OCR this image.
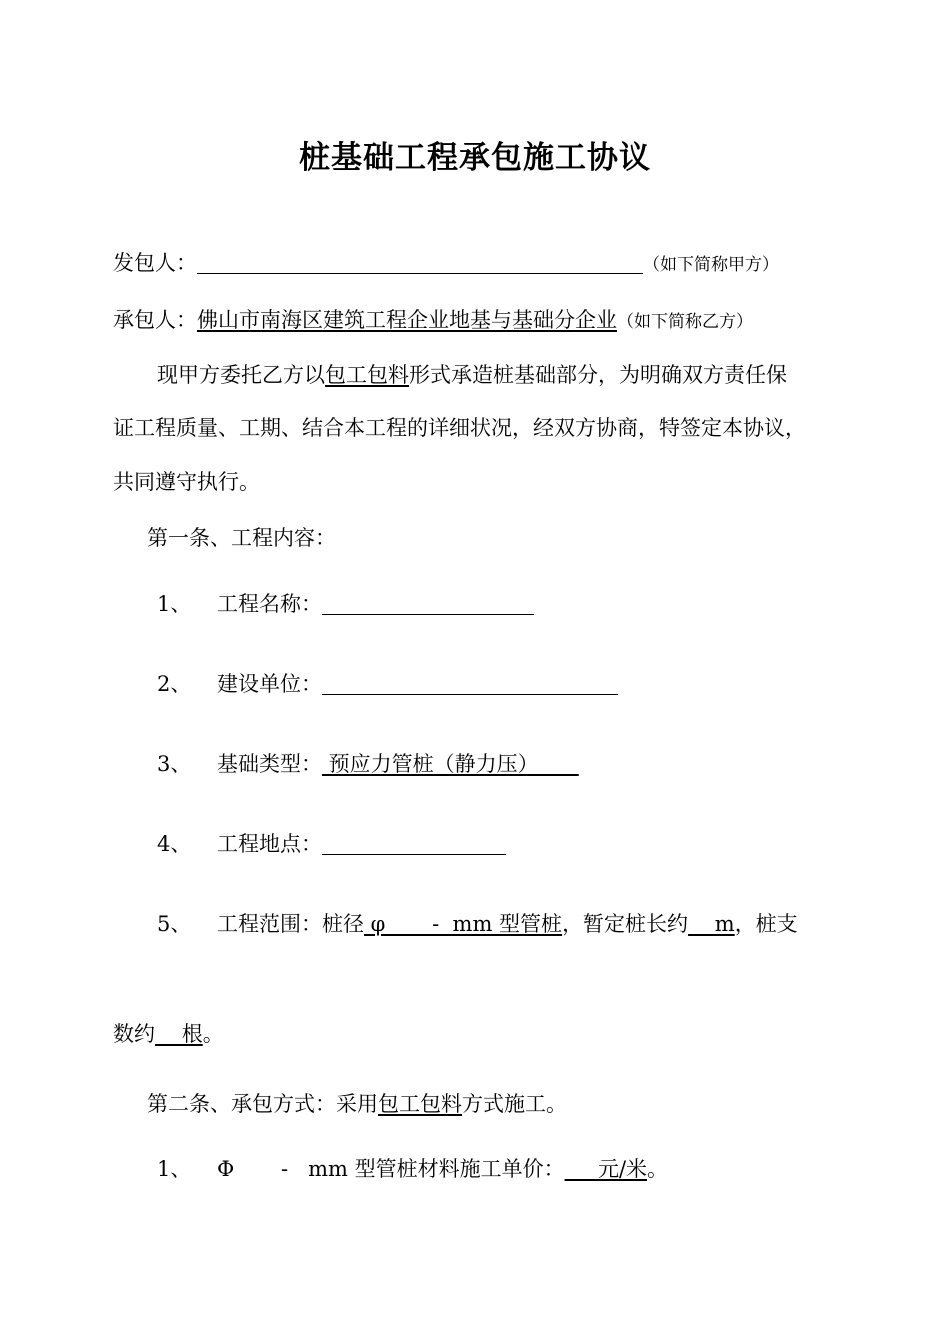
桩基础工程承包施工协议
发包人：	（如下简称甲方）
承包人：佛山市南海区建筑工程企业地基与基础分企业（如下简称乙方）
现甲方委托乙方以包工包料形式承造桩基础部分，为明确双方责任保
证工程质量、工期、结合本工程的详细状况，经双方协商，特签定本协议，
共同遵守执行。
第一条、工程内容：
1、 工程名称：
2、 建设单位：
3、 基础类型： 预应力管桩（静力压）
4、 工程地点：
5、 工程范围：桩径 φ       -  mm 型管桩，暂定桩长约    m，桩支
数约    根。
第二条、承包方式：采用包工包料方式施工。
1、 Φ       -   mm 型管桩材料施工单价：     元/米。
